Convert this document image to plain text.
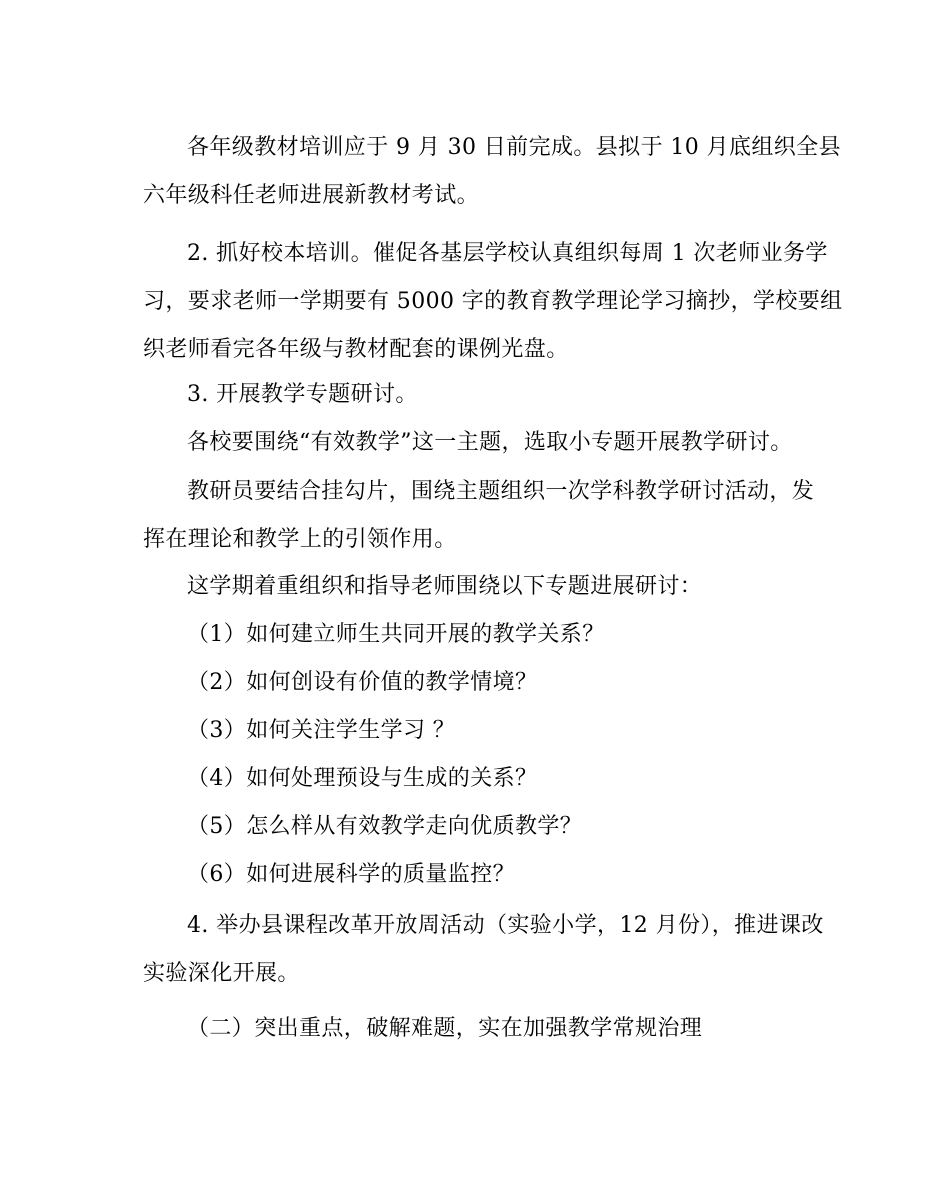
各年级教材培训应于 9 月 30 日前完成。县拟于 10 月底组织全县
六年级科任老师进展新教材考试。
2. 抓好校本培训。催促各基层学校认真组织每周 1 次老师业务学
习，要求老师一学期要有 5000 字的教育教学理论学习摘抄，学校要组
织老师看完各年级与教材配套的课例光盘。
3. 开展教学专题研讨。
各校要围绕“有效教学”这一主题，选取小专题开展教学研讨。
教研员要结合挂勾片，围绕主题组织一次学科教学研讨活动，发
挥在理论和教学上的引领作用。
这学期着重组织和指导老师围绕以下专题进展研讨：
（1）如何建立师生共同开展的教学关系？
（2）如何创设有价值的教学情境？
（3）如何关注学生学习 ？
（4）如何处理预设与生成的关系？
（5）怎么样从有效教学走向优质教学？
（6）如何进展科学的质量监控？
4. 举办县课程改革开放周活动（实验小学，12 月份），推进课改
实验深化开展。
（二）突出重点，破解难题，实在加强教学常规治理
